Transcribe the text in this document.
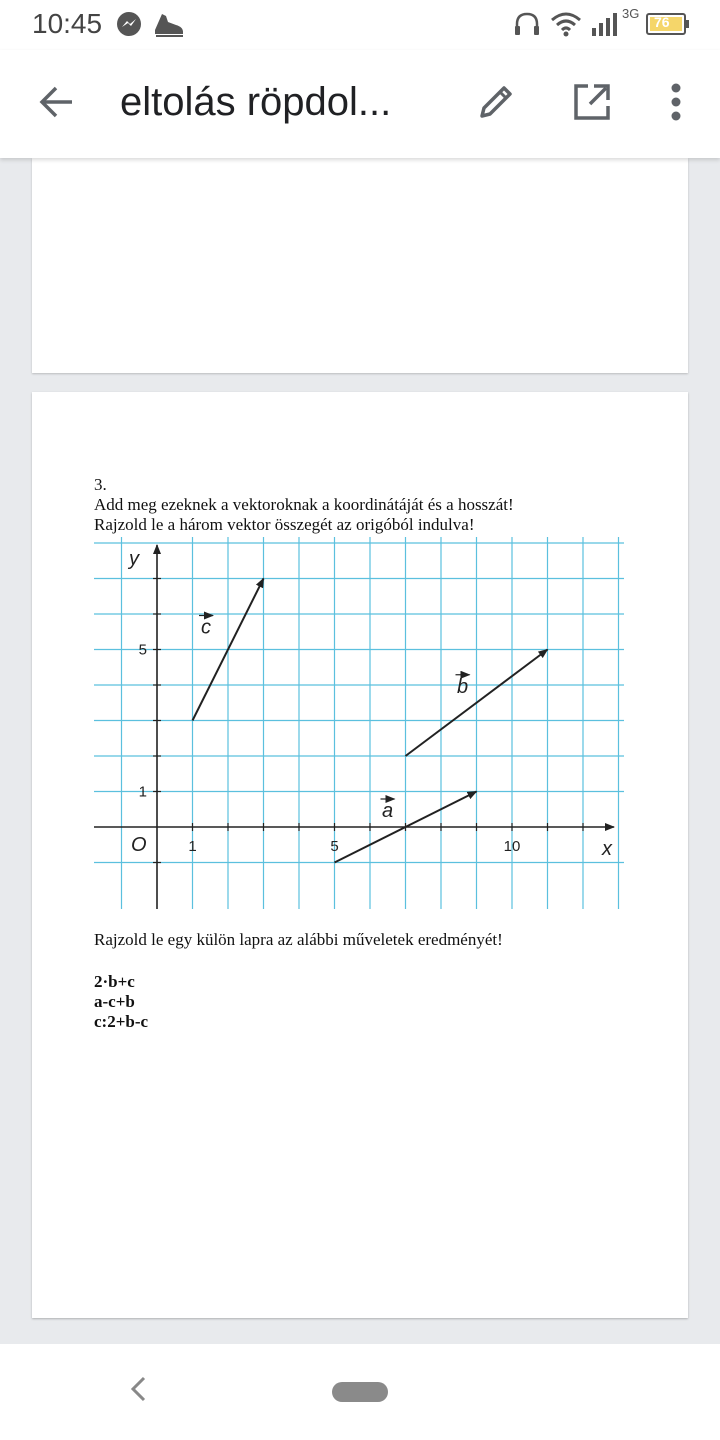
10:45	3G
76
eltolás röpdol...
3.
Add meg ezeknek a vektoroknak a koordinátáját és a hosszát!
Rajzold le a három vektor összegét az origóból indulva!
1	5	10
1
5
x
y
O
a
b
c
Rajzold le egy külön lapra az alábbi műveletek eredményét!
2·b+c
a-c+b
c:2+b-c
